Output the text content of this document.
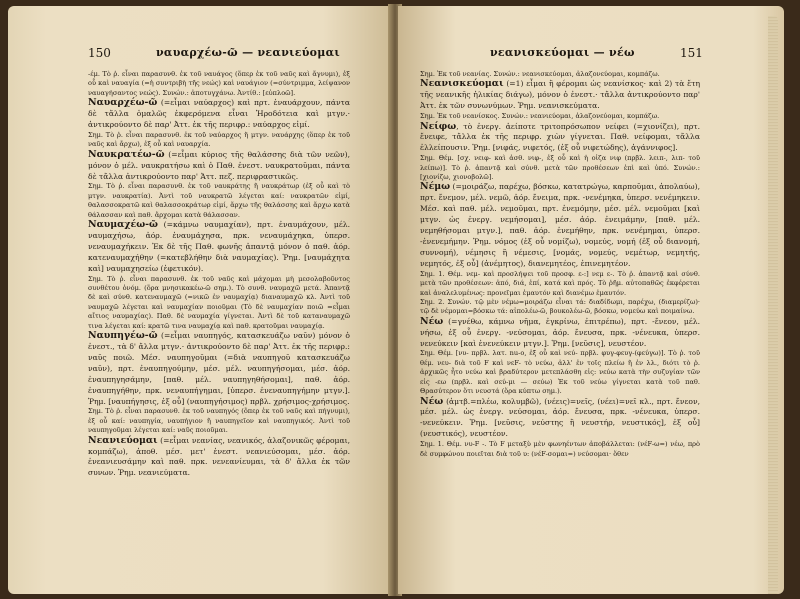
150	ναυαρχέω-ῶ — νεανιεύομαι

-έμ. Τὸ ῥ. εἶναι παρασυνθ. ἐκ τοῦ ναυάγος (ὅπερ ἐκ τοῦ ναῦς καὶ ἄγνυμι), ἐξ οὗ καὶ ναυαγία (=ἡ συντριβὴ τῆς νεώς) καὶ ναυάγιον (=σύντριμμα, λείψανον ναυαγήσαντος νεώς). Συνών.: ἀποτυγχάνω. Ἀντίθ.: [εὐπλοῶ].

Ναυαρχέω-ῶ (=εἶμαι ναύαρχος) καὶ πρτ. ἐναυάρχουν, πάντα δὲ τἄλλα ὁμαλῶς ἐκφερόμενα εἶναι Ἡροδότεια καὶ μτγν.· ἀντικρούοντο δὲ παρ' Ἀττ. ἐκ τῆς περιφρ.: ναύαρχος εἰμί.

Σημ. Τὸ ῥ. εἶναι παρασυνθ. ἐκ τοῦ ναύαρχος ἢ μτγν. ναυάρχης (ὅπερ ἐκ τοῦ ναῦς καὶ ἄρχω), ἐξ οὗ καὶ ναυαρχία.

Ναυκρατέω-ῶ (=εἶμαι κύριος τῆς θαλάσσης διὰ τῶν νεῶν), μόνον ὁ μέλ. ναυκρατήσω καὶ ὁ Παθ. ἐνεστ. ναυκρατοῦμαι, πάντα δὲ τἄλλα ἀντικρούοντο παρ' Ἀττ. πεζ. περιφραστικῶς.

Σημ. Τὸ ῥ. εἶναι παρασυνθ. ἐκ τοῦ ναυκράτης ἢ ναυκράτωρ (ἐξ οὗ καὶ τὸ μτγν. ναυκρατία). Ἀντὶ τοῦ ναυκρατῶ λέγεται καί: ναυκρατῶν εἰμί, θαλασσοκρατῶ καὶ θαλασσοκράτωρ εἰμί, ἄρχω τῆς θαλάσσης καὶ ἄρχω κατὰ θάλασσαν καὶ παθ. ἄρχομαι κατὰ θάλασσαν.

Ναυμαχέω-ῶ (=κάμνω ναυμαχίαν), πρτ. ἐναυμάχουν, μέλ. ναυμαχήσω, ἀόρ. ἐναυμάχησα, πρκ. νεναυμάχηκα, ὑπερσ. νεναυμαχήκειν. Ἐκ δὲ τῆς Παθ. φωνῆς ἀπαντᾷ μόνον ὁ παθ. ἀόρ. κατεναυμαχήθην (=κατεβλήθην διὰ ναυμαχίας). Ῥημ. [ναυμάχητα καὶ] ναυμαχησείω (ἐφετικόν).

Σημ. Τὸ ῥ. εἶναι παρασυνθ. ἐκ τοῦ ναῦς καὶ μάχομαι μὴ μεσολαβοῦντος συνθέτου ὀνόμ. (ὅρα μνησικακέω-ῶ σημ.). Τὸ συνθ. ναυμαχῶ μετά. Ἀπαντᾷ δὲ καὶ σύνθ. κατεναυμαχῶ (=νικῶ ἐν ναυμαχίᾳ) διαναυμαχῶ κλ. Ἀντὶ τοῦ ναυμαχῶ λέγεται καὶ ναυμαχίαν ποιοῦμαι (Τὸ δὲ ναυμαχίαν ποιῶ =εἶμαι αἴτιος ναυμαχίας). Παθ. δὲ ναυμαχία γίγνεται. Ἀντὶ δὲ τοῦ καταναυμαχῶ τινα λέγεται καί: κρατῶ τινα ναυμαχίᾳ καὶ παθ. κρατοῦμαι ναυμαχίᾳ.

Ναυπηγέω-ῶ (=εἶμαι ναυπηγός, κατασκευάζω ναῦν) μόνον ὁ ἐνεστ., τὰ δ' ἄλλα μτγν.· ἀντικρούοντο δὲ παρ' Ἀττ. ἐκ τῆς περιφρ.: ναῦς ποιῶ. Μέσ. ναυπηγοῦμαι (=διὰ ναυπηγοῦ κατασκευάζω ναῦν), πρτ. ἐναυπηγούμην, μέσ. μέλ. ναυπηγήσομαι, μέσ. ἀόρ. ἐναυπηγησάμην, [παθ. μέλ. ναυπηγηθήσομαι], παθ. ἀόρ. ἐναυπηγήθην, πρκ. νεναυπήγημαι, [ὑπερσ. ἐνεναυπηγήμην μτγν.]. Ῥημ. [ναυπήγησις, ἐξ οὗ] (ναυπηγήσιμος) πρβλ. χρήσιμος-χρήσιμος.

Σημ. Τὸ ῥ. εἶναι παρασυνθ. ἐκ τοῦ ναυπηγός (ὅπερ ἐκ τοῦ ναῦς καὶ πήγνυμι), ἐξ οὗ καί: ναυπηγία, ναυπήγιον ἢ ναυπηγεῖον καὶ ναυπηγικός. Ἀντὶ τοῦ ναυπηγοῦμαι λέγεται καί: ναῦς ποιοῦμαι.

Νεανιεύομαι (=εἶμαι νεανίας, νεανικός, ἀλαζονικῶς φέρομαι, κομπάζω), ἀποθ. μέσ. μετ' ἐνεστ. νεανιεύσομαι, μέσ. ἀόρ. ἐνεανιευσάμην καὶ παθ. πρκ. νενεανίευμαι, τὰ δ' ἄλλα ἐκ τῶν συνων. Ῥημ. νεανιεύματα.

νεανισκεύομαι — νέω	151

Σημ. Ἐκ τοῦ νεανίας. Συνών.: νεανισκεύομαι, ἀλαζονεύομαι, κομπάζω.

Νεανισκεύομαι (=1) εἶμαι ἢ φέρομαι ὡς νεανίσκος· καὶ 2) τὰ ἔτη τῆς νεανικῆς ἡλικίας διάγω), μόνον ὁ ἐνεστ.· τἄλλα ἀντικρούοντο παρ' Ἀττ. ἐκ τῶν συνωνύμων. Ῥημ. νεανισκεύματα.

Σημ. Ἐκ τοῦ νεανίσκος. Συνών.: νεανιεύομαι, ἀλαζονεύομαι, κομπάζω.

Νείφω, τὸ ἐνεργ. ἀείποτε τριτοπρόσωπον νείφει (=χιονίζει), πρτ. ἔνειφε, τἄλλα ἐκ τῆς περιφρ. χιὼν γίγνεται. Παθ. νείφομαι, τἄλλα ἐλλείπουσιν. Ῥημ. [νιφάς, νιφετός, (ἐξ οὗ νιφετώδης), ἀγάννιφος].

Σημ. Θέμ. [σχ. νειφ- καὶ ἀσθ. νιφ-, ἐξ οὗ καὶ ἡ οἰζα νιφ (πρβλ. λειπ-, λιπ- τοῦ λείπω)]. Τὸ ῥ. ἀπαντᾷ καὶ σύνθ. μετὰ τῶν προθέσεων ἐπὶ καὶ ὑπό. Συνών.: [χιονίζω, χιονοβολῶ].

Νέμω (=μοιράζω, παρέχω, βόσκω, κατατρώγω, καρποῦμαι, ἀπολαύω), πρτ. ἔνεμον, μέλ. νεμῶ, ἀόρ. ἔνειμα, πρκ. -νενέμηκα, ὑπερσ. νενέμηκειν. Μέσ. καὶ παθ. μέλ. νεμοῦμαι, πρτ. ἐνεμόμην, μέσ. μέλ. νεμοῦμαι [καὶ μτγν. ὡς ἐνεργ. νεμήσομαι], μέσ. ἀόρ. ἐνειμάμην, [παθ. μέλ. νεμηθήσομαι μτγν.], παθ. ἀόρ. ἐνεμήθην, πρκ. νενέμημαι, ὑπερσ. -ἐνενεμήμην. Ῥημ. νόμος (ἐξ οὗ νομίζω), νομεύς, νομή (ἐξ οὗ διανομή, συννομή), νέμησις ἢ νέμεσις, [νομάς, νομεύς, νεμέτωρ, νεμητής, νεμητός, ἐξ οὗ] (ἀνέμητος), διανεμητέος, ἐπινεμητέον.

Σημ. 1. Θέμ. νεμ- καὶ προσλήψει τοῦ προσφ. ε-:] νεμ ε-. Τὸ ῥ. ἀπαντᾷ καὶ σύνθ. μετὰ τῶν προθέσεων: ἀπό, διά, ἐπί, κατά καὶ πρός. Τὸ ῥῆμ. αὐτοπαθῶς ἐκφέρεται καὶ ἀναλελυμένως: προνεῖμαι ἐμαυτόν καὶ διανέμω ἐμαυτόν.

Σημ. 2. Συνών. τῷ μὲν νέμω=μοιράζω εἶναι τά: διαδίδωμι, παρέχω, (διαμερίζω)· τῷ δὲ νέμομαι=βόσκω τά: αἰπολέω-ῶ, βουκολέω-ῶ, βόσκω, νομεύω καὶ ποιμαίνω.

Νέω (=γνέθω, κάμνω νῆμα, ἐγκρίνω, ἐπιτρέπω), πρτ. -ἔνεον, μέλ. νήσω, ἐξ οὗ ἐνεργ. -νεύσομαι, ἀόρ. ἔνευσα, πρκ. -νένευκα, ὑπερσ. νενεύκειν [καὶ ἐνενεύκειν μτγν.]. Ῥημ. [νεῦσις], νευστέον.

Σημ. Θέμ. [νυ- πρβλ. λατ. nu-o, ἐξ οὗ καὶ νεύ- πρβλ. φυγ-φευγ-(φεύγω)]. Τὸ ῥ. τοῦ θέμ. νευ- διὰ τοῦ F καὶ νεF- τὸ νεύω, ἀλλ' ἐν τοῖς πλείω ἢ ἐν λλ., διότι τὸ ῥ. ἀρχικῶς ἦτο νεύω καὶ βραδύτερον μετεπλάσθη εἰς: νεύω κατὰ τὴν συζυγίαν τῶν εἰς -εω (πρβλ. καὶ σεύ-μι — σεύω) Ἐκ τοῦ νεύω γίγνεται κατὰ τοῦ παθ. Θρασύτερον ὅτι νευστά (ὅρα κύπτω σημ.).

Νέω (ἀμτβ.=πλέω, κολυμβῶ), (νέεις)=νεῖς, (νέει)=νεῖ κλ., πρτ. ἔνεον, μέσ. μέλ. ὡς ἐνεργ. νεύσομαι, ἀόρ. ἔνευσα, πρκ. -νένευκα, ὑπερσ. -νενεύκειν. Ῥημ. [νεῦσις, νεύστης ἢ νευστήρ, νευστικός], ἐξ οὗ] (νευστικός), νευστέον.

Σημ. 1. Θέμ. νυ-F -. Τὸ F μεταξὺ μὲν φωνηέντων ἀποβάλλεται: (νέF-ω=) νέω, πρὸ δὲ συμφώνου ποιεῖται διὰ τοῦ υ: (νέF-σομαι=) νεύσομαι· ὅθεν
